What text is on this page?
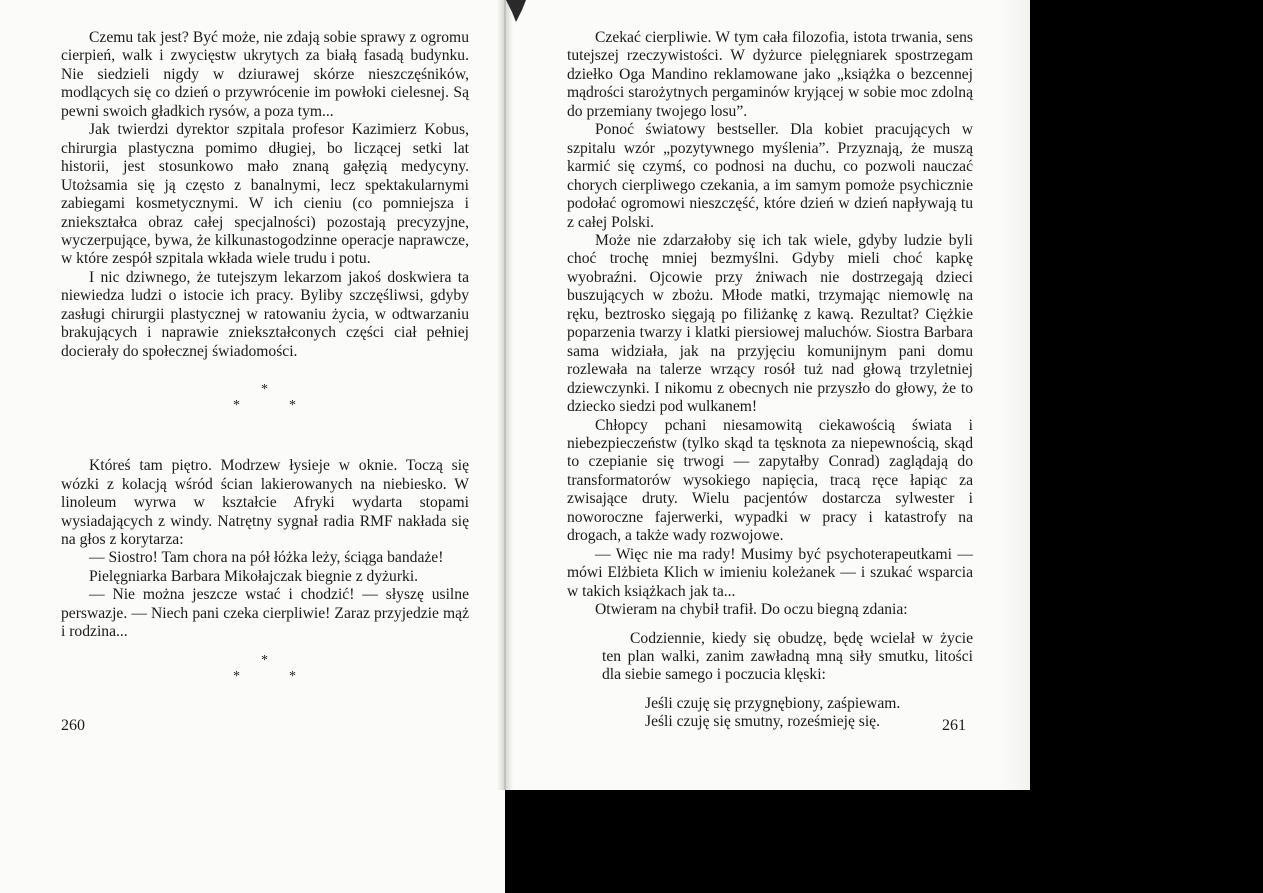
Czemu tak jest? Być może, nie zdają sobie sprawy z ogromu cierpień, walk i zwycięstw ukrytych za białą fasadą budynku. Nie siedzieli nigdy w dziurawej skórze nieszczęśników, modlących się co dzień o przywrócenie im powłoki cielesnej. Są pewni swoich gładkich rysów, a poza tym...

Jak twierdzi dyrektor szpitala profesor Kazimierz Kobus, chirurgia plastyczna pomimo długiej, bo liczącej setki lat historii, jest stosunkowo mało znaną gałęzią medycyny. Utożsamia się ją często z banalnymi, lecz spektakularnymi zabiegami kosmetycznymi. W ich cieniu (co pomniejsza i zniekształca obraz całej specjalności) pozostają precyzyjne, wyczerpujące, bywa, że kilkunastogodzinne operacje naprawcze, w które zespół szpitala wkłada wiele trudu i potu.

I nic dziwnego, że tutejszym lekarzom jakoś doskwiera ta niewiedza ludzi o istocie ich pracy. Byliby szczęśliwsi, gdyby zasługi chirurgii plastycznej w ratowaniu życia, w odtwarzaniu brakujących i naprawie zniekształconych części ciał pełniej docierały do społecznej świadomości.

*
*	*

Któreś tam piętro. Modrzew łysieje w oknie. Toczą się wózki z kolacją wśród ścian lakierowanych na niebiesko. W linoleum wyrwa w kształcie Afryki wydarta stopami wysiadających z windy. Natrętny sygnał radia RMF nakłada się na głos z korytarza:

— Siostro! Tam chora na pół łóżka leży, ściąga bandaże!

Pielęgniarka Barbara Mikołajczak biegnie z dyżurki.

— Nie można jeszcze wstać i chodzić! — słyszę usilne perswazje. — Niech pani czeka cierpliwie! Zaraz przyjedzie mąż i rodzina...

*
*	*

Czekać cierpliwie. W tym cała filozofia, istota trwania, sens tutejszej rzeczywistości. W dyżurce pielęgniarek spostrzegam dziełko Oga Mandino reklamowane jako „książka o bezcennej mądrości starożytnych pergaminów kryjącej w sobie moc zdolną do przemiany twojego losu”.

Ponoć światowy bestseller. Dla kobiet pracujących w szpitalu wzór „pozytywnego myślenia”. Przyznają, że muszą karmić się czymś, co podnosi na duchu, co pozwoli nauczać chorych cierpliwego czekania, a im samym pomoże psychicznie podołać ogromowi nieszczęść, które dzień w dzień napływają tu z całej Polski.

Może nie zdarzałoby się ich tak wiele, gdyby ludzie byli choć trochę mniej bezmyślni. Gdyby mieli choć kapkę wyobraźni. Ojcowie przy żniwach nie dostrzegają dzieci buszujących w zbożu. Młode matki, trzymając niemowlę na ręku, beztrosko sięgają po filiżankę z kawą. Rezultat? Ciężkie poparzenia twarzy i klatki piersiowej maluchów. Siostra Barbara sama widziała, jak na przyjęciu komunijnym pani domu rozlewała na talerze wrzący rosół tuż nad głową trzyletniej dziewczynki. I nikomu z obecnych nie przyszło do głowy, że to dziecko siedzi pod wulkanem!

Chłopcy pchani niesamowitą ciekawością świata i niebezpieczeństw (tylko skąd ta tęsknota za niepewnością, skąd to czepianie się trwogi — zapytałby Conrad) zaglądają do transformatorów wysokiego napięcia, tracą ręce łapiąc za zwisające druty. Wielu pacjentów dostarcza sylwester i noworoczne fajerwerki, wypadki w pracy i katastrofy na drogach, a także wady rozwojowe.

— Więc nie ma rady! Musimy być psychoterapeutkami — mówi Elżbieta Klich w imieniu koleżanek — i szukać wsparcia w takich książkach jak ta...

Otwieram na chybił trafił. Do oczu biegną zdania:

Codziennie, kiedy się obudzę, będę wcielał w życie ten plan walki, zanim zawładną mną siły smutku, litości dla siebie samego i poczucia klęski:

Jeśli czuję się przygnębiony, zaśpiewam.
Jeśli czuję się smutny, roześmieję się.
260	261
